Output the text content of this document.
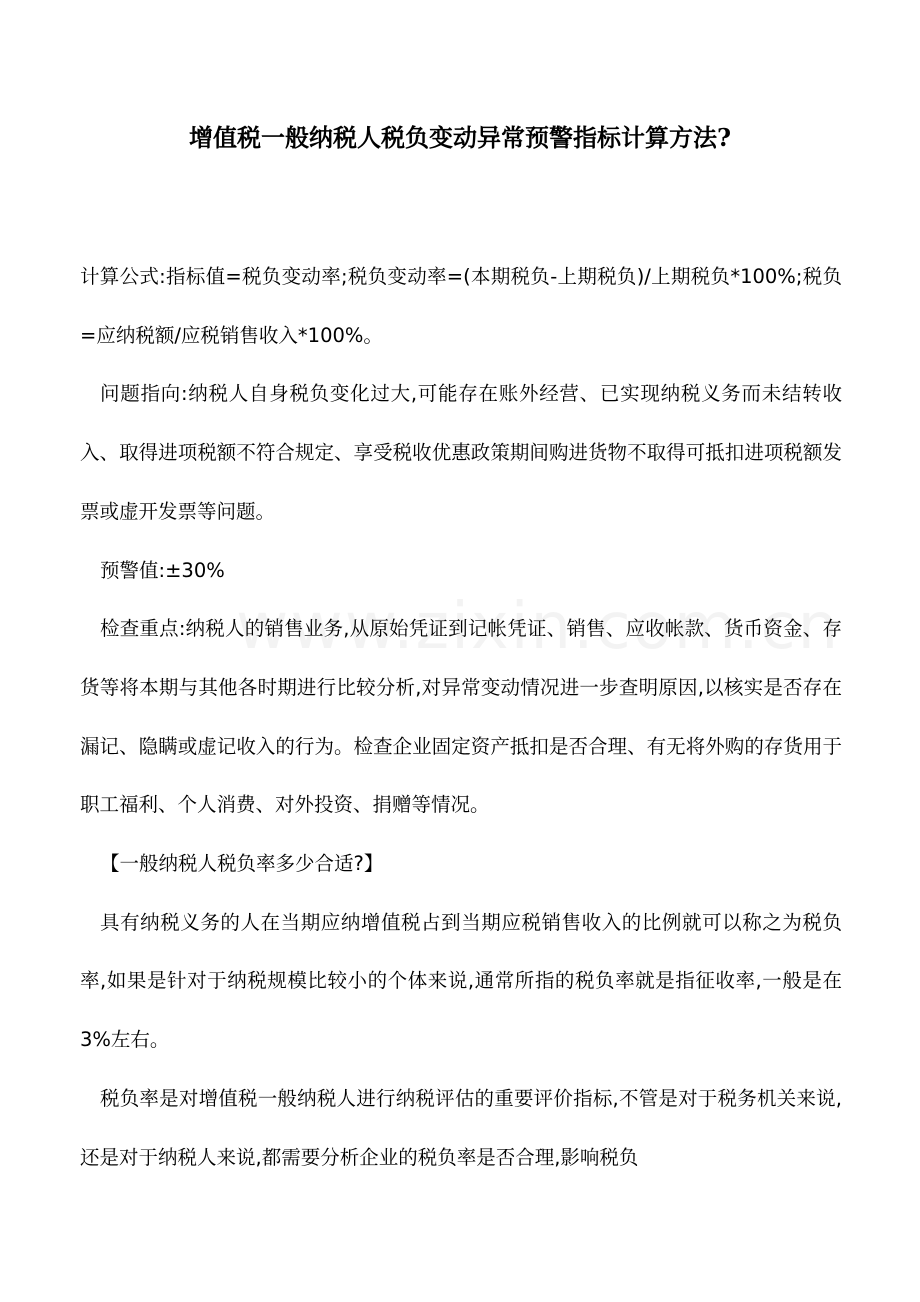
增值税一般纳税人税负变动异常预警指标计算方法?

计算公式:指标值=税负变动率;税负变动率=(本期税负-上期税负)/上期税负*100%;税负=应纳税额/应税销售收入*100%。

问题指向:纳税人自身税负变化过大,可能存在账外经营、已实现纳税义务而未结转收入、取得进项税额不符合规定、享受税收优惠政策期间购进货物不取得可抵扣进项税额发票或虚开发票等问题。

预警值:±30%

检查重点:纳税人的销售业务,从原始凭证到记帐凭证、销售、应收帐款、货币资金、存货等将本期与其他各时期进行比较分析,对异常变动情况进一步查明原因,以核实是否存在漏记、隐瞒或虚记收入的行为。检查企业固定资产抵扣是否合理、有无将外购的存货用于职工福利、个人消费、对外投资、捐赠等情况。

【一般纳税人税负率多少合适?】

具有纳税义务的人在当期应纳增值税占到当期应税销售收入的比例就可以称之为税负率,如果是针对于纳税规模比较小的个体来说,通常所指的税负率就是指征收率,一般是在 3%左右。

税负率是对增值税一般纳税人进行纳税评估的重要评价指标,不管是对于税务机关来说,还是对于纳税人来说,都需要分析企业的税负率是否合理,影响税负
